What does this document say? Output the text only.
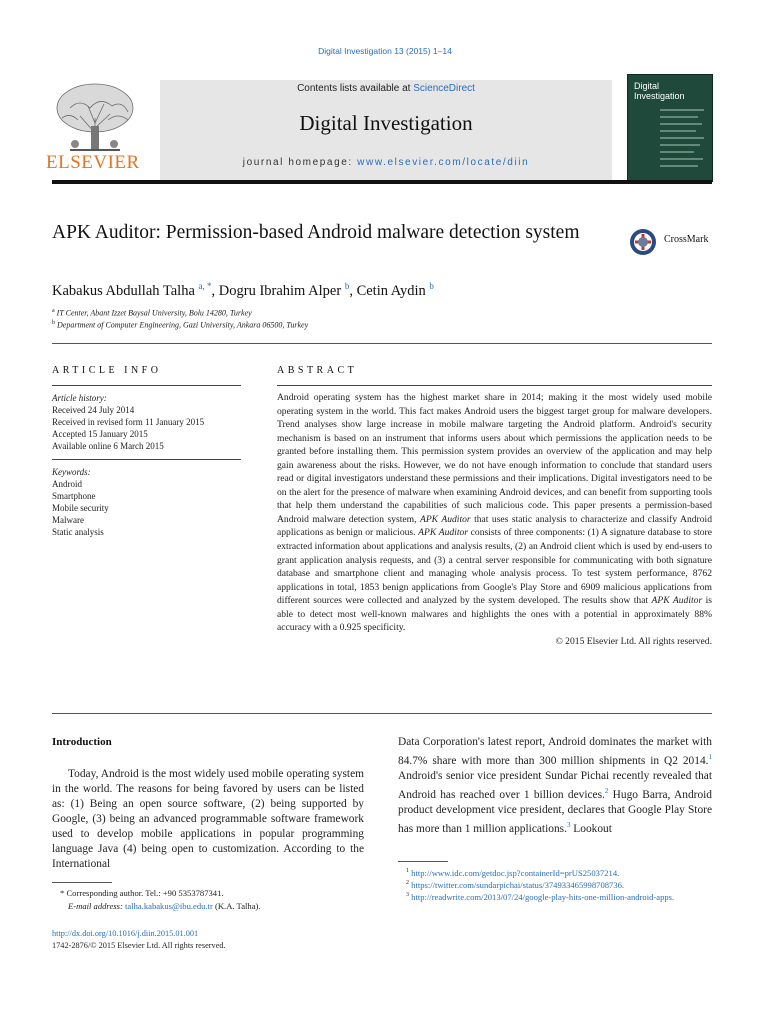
Digital Investigation 13 (2015) 1–14
Contents lists available at ScienceDirect
Digital Investigation
journal homepage: www.elsevier.com/locate/diin
ELSEVIER
Digital Investigation
APK Auditor: Permission-based Android malware detection system	CrossMark
Kabakus Abdullah Talha $^{a, *}$, Dogru Ibrahim Alper $^b$, Cetin Aydin $^b$
$^a$ IT Center, Abant Izzet Baysal University, Bolu 14280, Turkey
$^b$ Department of Computer Engineering, Gazi University, Ankara 06500, Turkey
ARTICLE INFO
Article history:
Received 24 July 2014
Received in revised form 11 January 2015
Accepted 15 January 2015
Available online 6 March 2015
Keywords:
Android
Smartphone
Mobile security
Malware
Static analysis
ABSTRACT
Android operating system has the highest market share in 2014; making it the most widely used mobile operating system in the world. This fact makes Android users the biggest target group for malware developers. Trend analyses show large increase in mobile malware targeting the Android platform. Android's security mechanism is based on an instrument that informs users about which permissions the application needs to be granted before installing them. This permission system provides an overview of the application and may help gain awareness about the risks. However, we do not have enough information to conclude that standard users read or digital investigators understand these permissions and their implications. Digital investigators need to be on the alert for the presence of malware when examining Android devices, and can benefit from supporting tools that help them understand the capabilities of such malicious code. This paper presents a permission-based Android malware detection system, APK Auditor that uses static analysis to characterize and classify Android applications as benign or malicious. APK Auditor consists of three components: (1) A signature database to store extracted information about applications and analysis results, (2) an Android client which is used by end-users to grant application analysis requests, and (3) a central server responsible for communicating with both signature database and smartphone client and managing whole analysis process. To test system performance, 8762 applications in total, 1853 benign applications from Google's Play Store and 6909 malicious applications from different sources were collected and analyzed by the system developed. The results show that APK Auditor is able to detect most well-known malwares and highlights the ones with a potential in approximately 88% accuracy with a 0.925 specificity.
© 2015 Elsevier Ltd. All rights reserved.
Introduction
Today, Android is the most widely used mobile operating system in the world. The reasons for being favored by users can be listed as: (1) Being an open source software, (2) being supported by Google, (3) being an advanced programmable software framework used to develop mobile applications in popular programming language Java (4) being open to customization. According to the International
Data Corporation's latest report, Android dominates the market with 84.7% share with more than 300 million shipments in Q2 2014.$^1$ Android's senior vice president Sundar Pichai recently revealed that Android has reached over 1 billion devices.$^2$ Hugo Barra, Android product development vice president, declares that Google Play Store has more than 1 million applications.$^3$ Lookout
* Corresponding author. Tel.: +90 5353787341.
E-mail address: talha.kabakus@ibu.edu.tr (K.A. Talha).
$^1$ http://www.idc.com/getdoc.jsp?containerId=prUS25037214.
$^2$ https://twitter.com/sundarpichai/status/374933465998708736.
$^3$ http://readwrite.com/2013/07/24/google-play-hits-one-million-android-apps.
http://dx.doi.org/10.1016/j.diin.2015.01.001
1742-2876/© 2015 Elsevier Ltd. All rights reserved.
